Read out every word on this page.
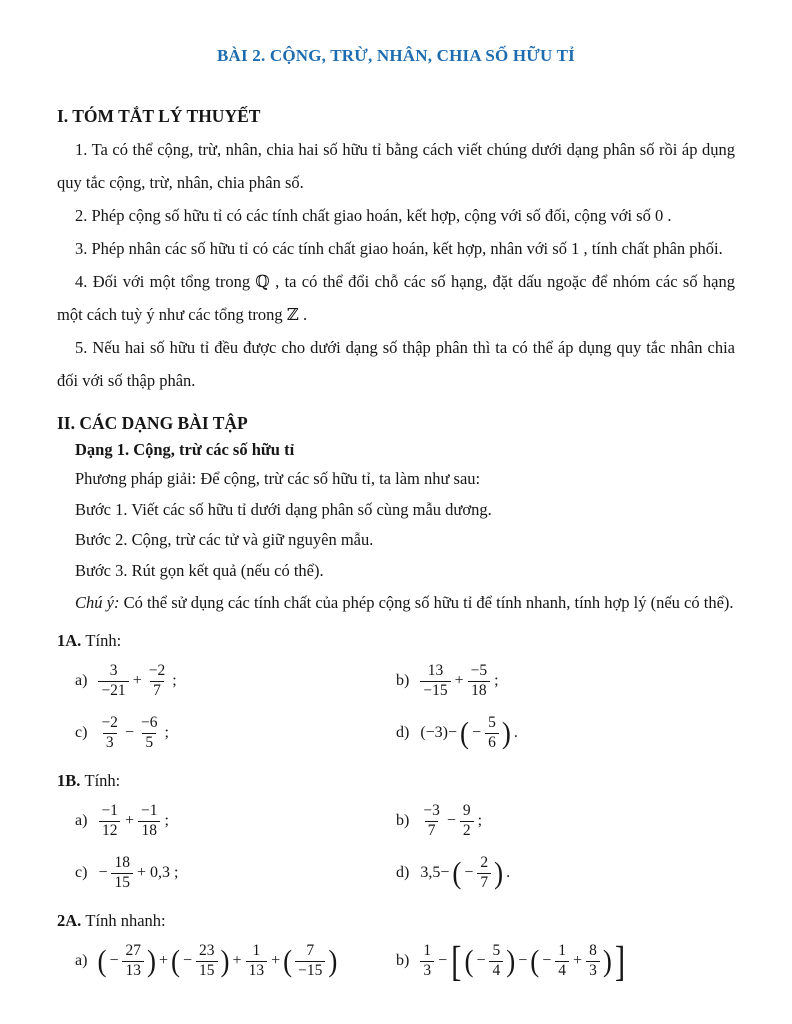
BÀI 2. CỘNG, TRỪ, NHÂN, CHIA SỐ HỮU TỈ
I. TÓM TẮT LÝ THUYẾT

1. Ta có thể cộng, trừ, nhân, chia hai số hữu tỉ bằng cách viết chúng dưới dạng phân số rồi áp dụng quy tắc cộng, trừ, nhân, chia phân số.

2. Phép cộng số hữu tỉ có các tính chất giao hoán, kết hợp, cộng với số đối, cộng với số 0 .

3. Phép nhân các số hữu tỉ có các tính chất giao hoán, kết hợp, nhân với số 1 , tính chất phân phối.

4. Đối với một tổng trong ℚ , ta có thể đổi chỗ các số hạng, đặt dấu ngoặc để nhóm các số hạng một cách tuỳ ý như các tổng trong ℤ .

5. Nếu hai số hữu tỉ đều được cho dưới dạng số thập phân thì ta có thể áp dụng quy tắc nhân chia đối với số thập phân.

II. CÁC DẠNG BÀI TẬP
Dạng 1. Cộng, trừ các số hữu tỉ

Phương pháp giải: Để cộng, trừ các số hữu tỉ, ta làm như sau:

Bước 1. Viết các số hữu tỉ dưới dạng phân số cùng mẫu dương.

Bước 2. Cộng, trừ các tử và giữ nguyên mẫu.

Bước 3. Rút gọn kết quả (nếu có thể).

Chú ý: Có thể sử dụng các tính chất của phép cộng số hữu tỉ để tính nhanh, tính hợp lý (nếu có thể).

1A. Tính:

$a) \frac{3}{-21} + \frac{-2}{7}$ ;	$b) \frac{13}{-15} + \frac{-5}{18}$ ;
$c) \frac{-2}{3} - \frac{-6}{5}$ ;	d) (−3)− ( − $\frac{5}{6}$ ) .

1B. Tính:

$a) \frac{-1}{12} + \frac{-1}{18}$ ;	$b) \frac{-3}{7} - \frac{9}{2}$ ;
$c) - \frac{18}{15} + 0,3$ ;	d) 3,5− ( − $\frac{2}{7}$ ) .

2A. Tính nhanh:

a) ( − $\frac{27}{13}$ ) + ( − $\frac{23}{15}$ ) + $\frac{1}{13}$ + ( $\frac{7}{-15}$ )	$b) \frac{1}{3}$ − [ ( − $\frac{5}{4}$ ) − ( − $\frac{1}{4} + \frac{8}{3}$ ) ]
